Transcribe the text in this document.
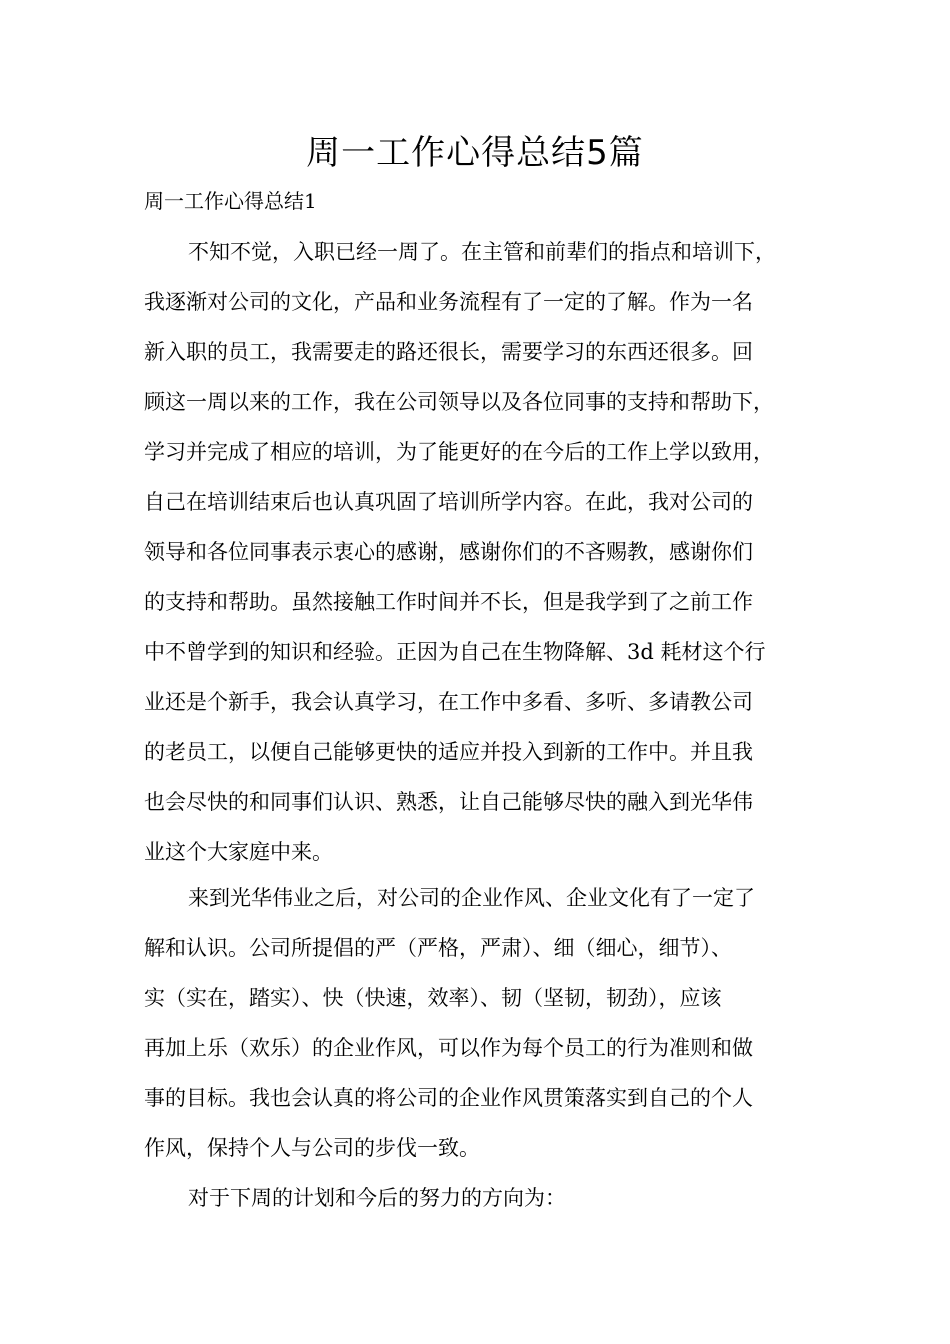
周一工作心得总结5篇
周一工作心得总结1
不知不觉，入职已经一周了。在主管和前辈们的指点和培训下，
我逐渐对公司的文化，产品和业务流程有了一定的了解。作为一名
新入职的员工，我需要走的路还很长，需要学习的东西还很多。回
顾这一周以来的工作，我在公司领导以及各位同事的支持和帮助下，
学习并完成了相应的培训，为了能更好的在今后的工作上学以致用，
自己在培训结束后也认真巩固了培训所学内容。在此，我对公司的
领导和各位同事表示衷心的感谢，感谢你们的不吝赐教，感谢你们
的支持和帮助。虽然接触工作时间并不长，但是我学到了之前工作
中不曾学到的知识和经验。正因为自己在生物降解、3d 耗材这个行
业还是个新手，我会认真学习，在工作中多看、多听、多请教公司
的老员工，以便自己能够更快的适应并投入到新的工作中。并且我
也会尽快的和同事们认识、熟悉，让自己能够尽快的融入到光华伟
业这个大家庭中来。
来到光华伟业之后，对公司的企业作风、企业文化有了一定了
解和认识。公司所提倡的严（严格，严肃）、细（细心，细节）、
实（实在，踏实）、快（快速，效率）、韧（坚韧，韧劲），应该
再加上乐（欢乐）的企业作风，可以作为每个员工的行为准则和做
事的目标。我也会认真的将公司的企业作风贯策落实到自己的个人
作风，保持个人与公司的步伐一致。
对于下周的计划和今后的努力的方向为：
